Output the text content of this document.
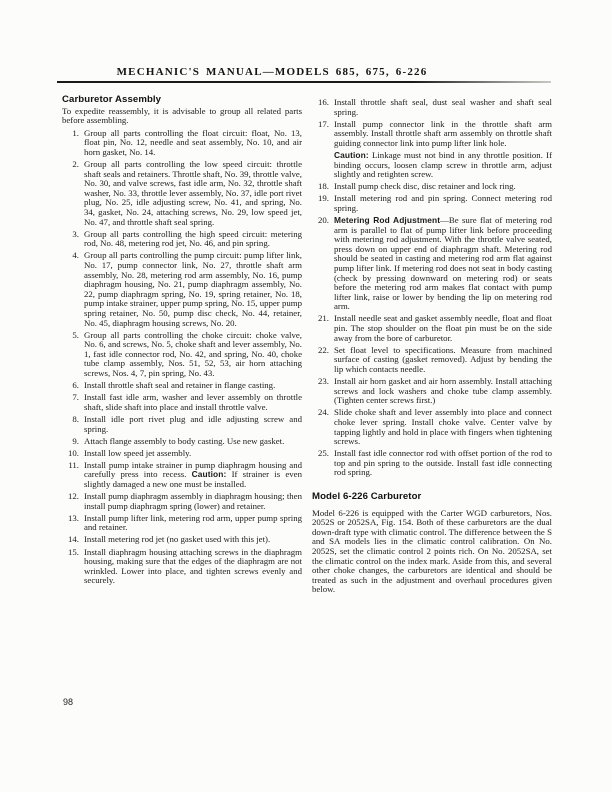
MECHANIC'S MANUAL—MODELS 685, 675, 6-226
Carburetor Assembly

To expedite reassembly, it is advisable to group all related parts before assembling.

1. Group all parts controlling the float circuit: float, No. 13, float pin, No. 12, needle and seat assembly, No. 10, and air horn gasket, No. 14.

2. Group all parts controlling the low speed circuit: throttle shaft seals and retainers. Throttle shaft, No. 39, throttle valve, No. 30, and valve screws, fast idle arm, No. 32, throttle shaft washer, No. 33, throttle lever assembly, No. 37, idle port rivet plug, No. 25, idle adjusting screw, No. 41, and spring, No. 34, gasket, No. 24, attaching screws, No. 29, low speed jet, No. 47, and throttle shaft seal spring.

3. Group all parts controlling the high speed circuit: metering rod, No. 48, metering rod jet, No. 46, and pin spring.

4. Group all parts controlling the pump circuit: pump lifter link, No. 17, pump connector link, No. 27, throttle shaft arm assembly, No. 28, metering rod arm assembly, No. 16, pump diaphragm housing, No. 21, pump diaphragm assembly, No. 22, pump diaphragm spring, No. 19, spring retainer, No. 18, pump intake strainer, upper pump spring, No. 15, upper pump spring retainer, No. 50, pump disc check, No. 44, retainer, No. 45, diaphragm housing screws, No. 20.

5. Group all parts controlling the choke circuit: choke valve, No. 6, and screws, No. 5, choke shaft and lever assembly, No. 1, fast idle connector rod, No. 42, and spring, No. 40, choke tube clamp assembly, Nos. 51, 52, 53, air horn attaching screws, Nos. 4, 7, pin spring, No. 43.

6. Install throttle shaft seal and retainer in flange casting.

7. Install fast idle arm, washer and lever assembly on throttle shaft, slide shaft into place and install throttle valve.

8. Install idle port rivet plug and idle adjusting screw and spring.

9. Attach flange assembly to body casting. Use new gasket.

10. Install low speed jet assembly.

11. Install pump intake strainer in pump diaphragm housing and carefully press into recess. Caution: If strainer is even slightly damaged a new one must be installed.

12. Install pump diaphragm assembly in diaphragm housing; then install pump diaphragm spring (lower) and retainer.

13. Install pump lifter link, metering rod arm, upper pump spring and retainer.

14. Install metering rod jet (no gasket used with this jet).

15. Install diaphragm housing attaching screws in the diaphragm housing, making sure that the edges of the diaphragm are not wrinkled. Lower into place, and tighten screws evenly and securely.

16. Install throttle shaft seal, dust seal washer and shaft seal spring.

17. Install pump connector link in the throttle shaft arm assembly. Install throttle shaft arm assembly on throttle shaft guiding connector link into pump lifter link hole.

Caution: Linkage must not bind in any throttle position. If binding occurs, loosen clamp screw in throttle arm, adjust slightly and retighten screw.

18. Install pump check disc, disc retainer and lock ring.

19. Install metering rod and pin spring. Connect metering rod spring.

20. Metering Rod Adjustment—Be sure flat of metering rod arm is parallel to flat of pump lifter link before proceeding with metering rod adjustment. With the throttle valve seated, press down on upper end of diaphragm shaft. Metering rod should be seated in casting and metering rod arm flat against pump lifter link. If metering rod does not seat in body casting (check by pressing downward on metering rod) or seats before the metering rod arm makes flat contact with pump lifter link, raise or lower by bending the lip on metering rod arm.

21. Install needle seat and gasket assembly needle, float and float pin. The stop shoulder on the float pin must be on the side away from the bore of carburetor.

22. Set float level to specifications. Measure from machined surface of casting (gasket removed). Adjust by bending the lip which contacts needle.

23. Install air horn gasket and air horn assembly. Install attaching screws and lock washers and choke tube clamp assembly. (Tighten center screws first.)

24. Slide choke shaft and lever assembly into place and connect choke lever spring. Install choke valve. Center valve by tapping lightly and hold in place with fingers when tightening screws.

25. Install fast idle connector rod with offset portion of the rod to top and pin spring to the outside. Install fast idle connecting rod spring.

Model 6-226 Carburetor

Model 6-226 is equipped with the Carter WGD carburetors, Nos. 2052S or 2052SA, Fig. 154. Both of these carburetors are the dual down-draft type with climatic control. The difference between the S and SA models lies in the climatic control calibration. On No. 2052S, set the climatic control 2 points rich. On No. 2052SA, set the climatic control on the index mark. Aside from this, and several other choke changes, the carburetors are identical and should be treated as such in the adjustment and overhaul procedures given below.

98
